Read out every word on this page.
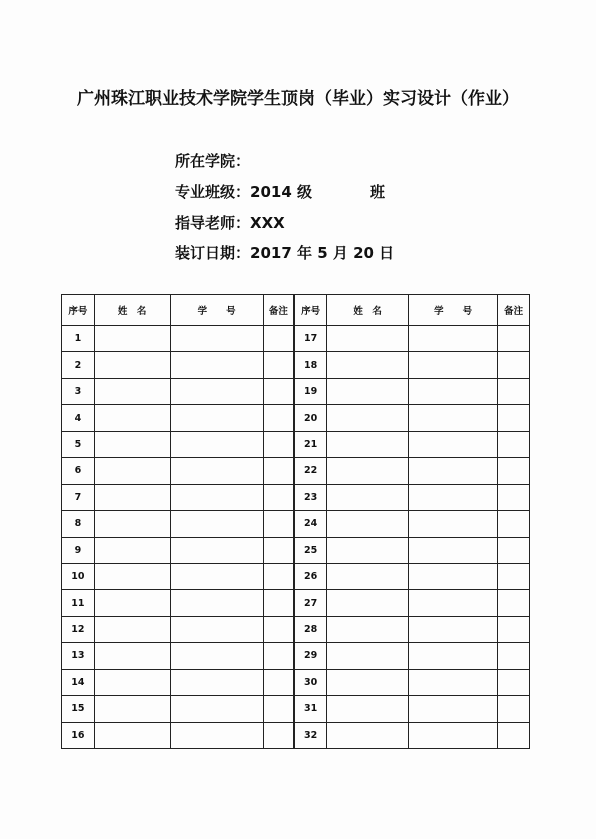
广州珠江职业技术学院学生顶岗（毕业）实习设计（作业）
所在学院：
专业班级：2014 级	班
指导老师：XXX
装订日期：2017 年 5 月 20 日
序号	姓　名	学　　号	备注	序号	姓　名	学　　号	备注
1				17			
2				18			
3				19			
4				20			
5				21			
6				22			
7				23			
8				24			
9				25			
10				26			
11				27			
12				28			
13				29			
14				30			
15				31			
16				32			
